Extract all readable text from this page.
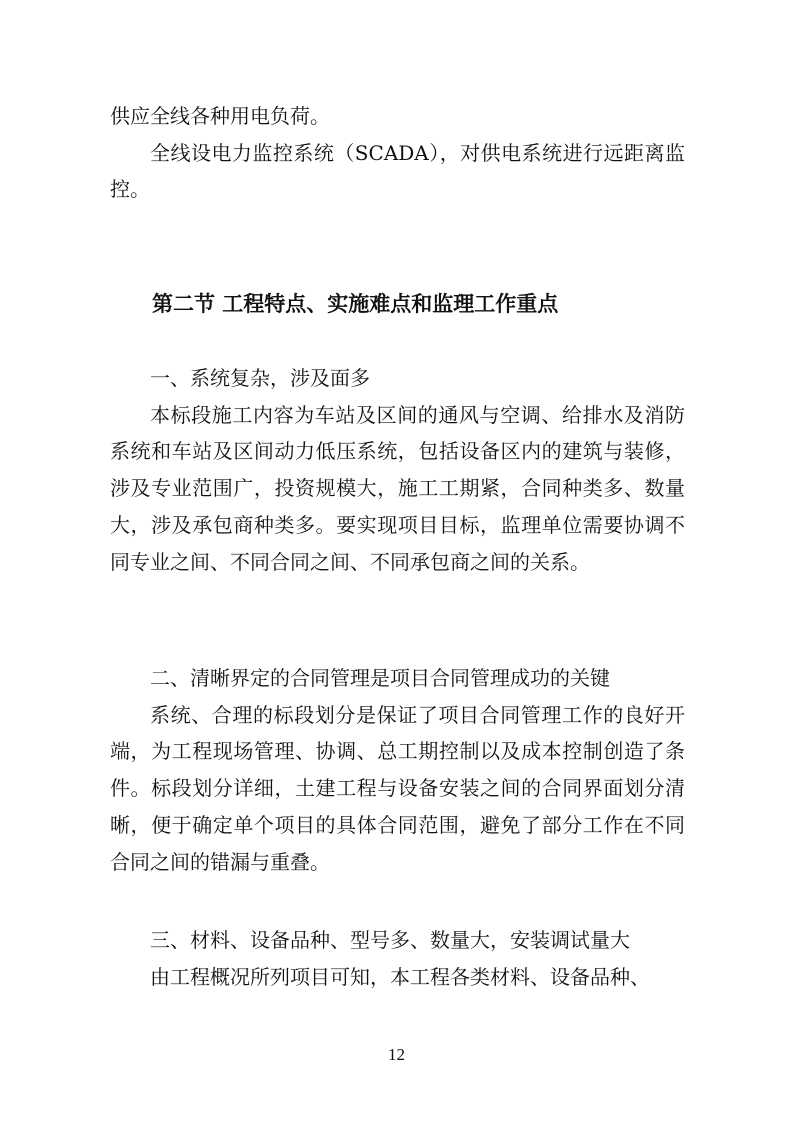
供应全线各种用电负荷。

全线设电力监控系统（SCADA），对供电系统进行远距离监控。

第二节 工程特点、实施难点和监理工作重点

一、系统复杂，涉及面多

本标段施工内容为车站及区间的通风与空调、给排水及消防系统和车站及区间动力低压系统，包括设备区内的建筑与装修，涉及专业范围广，投资规模大，施工工期紧，合同种类多、数量大，涉及承包商种类多。要实现项目目标，监理单位需要协调不同专业之间、不同合同之间、不同承包商之间的关系。

二、清晰界定的合同管理是项目合同管理成功的关键

系统、合理的标段划分是保证了项目合同管理工作的良好开端，为工程现场管理、协调、总工期控制以及成本控制创造了条件。标段划分详细，土建工程与设备安装之间的合同界面划分清晰，便于确定单个项目的具体合同范围，避免了部分工作在不同合同之间的错漏与重叠。

三、材料、设备品种、型号多、数量大，安装调试量大

由工程概况所列项目可知，本工程各类材料、设备品种、

12
